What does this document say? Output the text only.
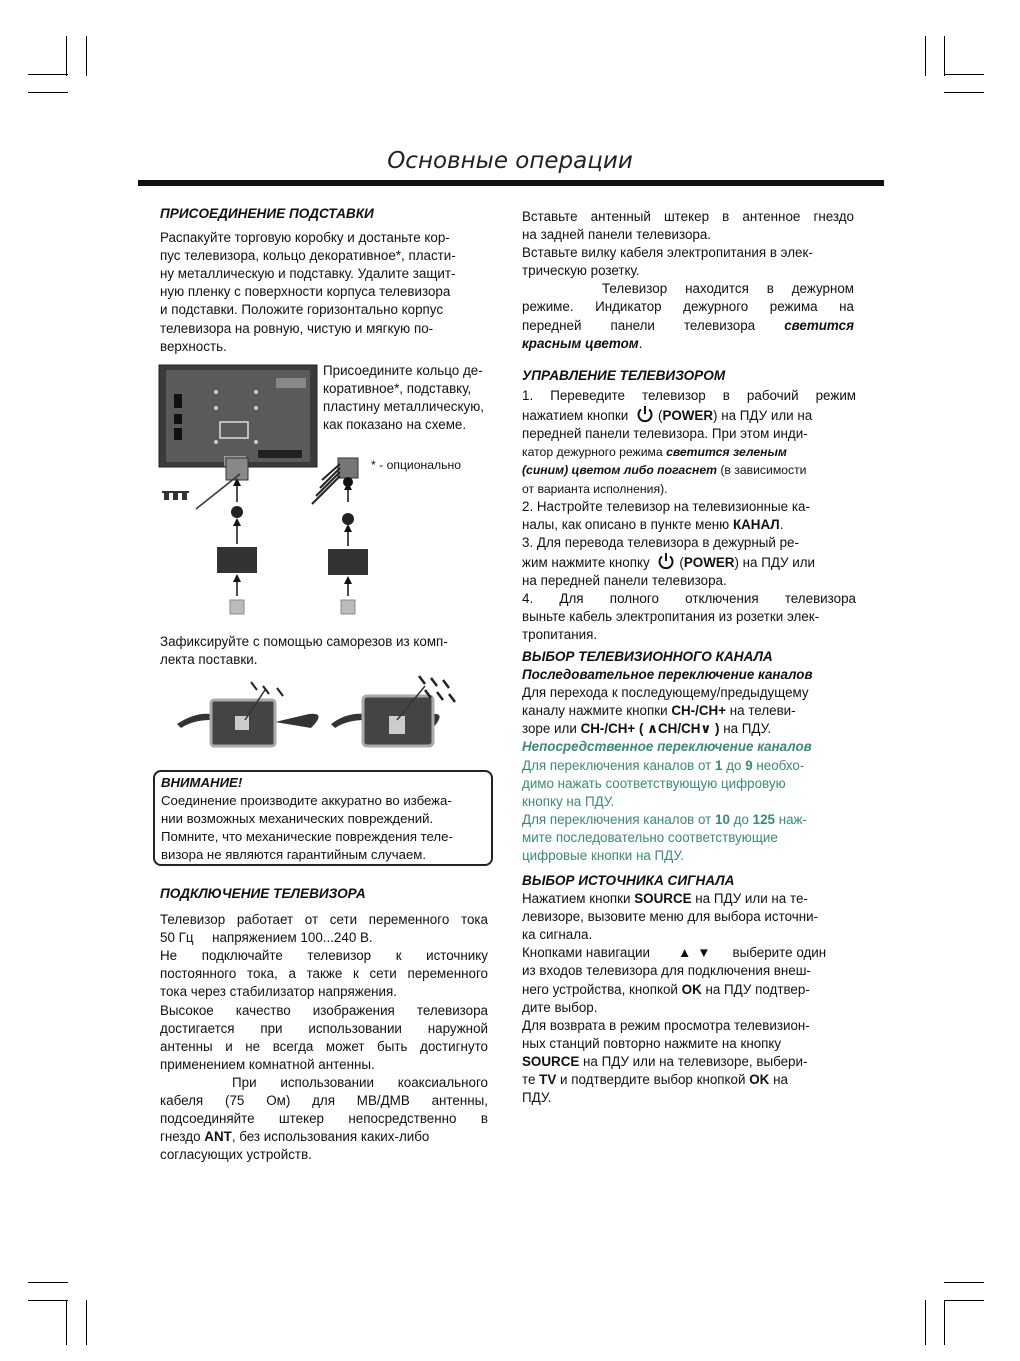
Основные операции

ПРИСОЕДИНЕНИЕ ПОДСТАВКИ

Распакуйте торговую коробку и достаньте кор-

пус телевизора, кольцо декоративное*, пласти-

ну металлическую и подставку. Удалите защит-

ную пленку с поверхности корпуса телевизора

и подставки. Положите горизонтально корпус

телевизора на ровную, чистую и мягкую по-

верхность.

Присоедините кольцо де-

коративное*, подставку,

пластину металлическую,

как показано на схеме.

* - опционально

Зафиксируйте с помощью саморезов из комп-

лекта поставки.

ВНИМАНИЕ!

Соединение производите аккуратно во избежа-

нии возможных механических повреждений.

Помните, что механические повреждения теле-

визора не являются гарантийным случаем.

ПОДКЛЮЧЕНИЕ ТЕЛЕВИЗОРА

Телевизор работает от сети переменного тока

50 Гц     напряжением 100...240 В.

Не подключайте телевизор к источнику

постоянного тока, а также к сети переменного

тока через стабилизатор напряжения.

Высокое качество изображения телевизора

достигается при использовании наружной

антенны и не всегда может быть достигнуто

применением комнатной антенны.

При использовании коаксиального

кабеля (75 Ом) для МВ/ДМВ антенны,

подсоединяйте штекер непосредственно в

гнездо ANT, без использования каких-либо

согласующих устройств.

Вставьте антенный штекер в антенное гнездо

на задней панели телевизора.

Вставьте вилку кабеля электропитания в элек-

трическую розетку.

Телевизор находится в дежурном

режиме. Индикатор дежурного режима на

передней панели телевизора светится

красным цветом.

УПРАВЛЕНИЕ ТЕЛЕВИЗОРОМ

1. Переведите телевизор в рабочий режим

нажатием кнопки (POWER) на ПДУ или на

передней панели телевизора. При этом инди-

катор дежурного режима светится зеленым

(синим) цветом либо погаснет (в зависимости

от варианта исполнения).

2. Настройте телевизор на телевизионные ка-

налы, как описано в пункте меню КАНАЛ.

3. Для перевода телевизора в дежурный ре-

жим нажмите кнопку (POWER) на ПДУ или

на передней панели телевизора.

4. Для полного отключения телевизора

выньте кабель электропитания из розетки элек-

тропитания.

ВЫБОР ТЕЛЕВИЗИОННОГО КАНАЛА

Последовательное переключение каналов

Для перехода к последующему/предыдущему

каналу нажмите кнопки CH-/CH+ на телеви-

зоре или CH-/CH+ ( ∧CH/CH∨ ) на ПДУ.

Непосредственное переключение каналов

Для переключения каналов от 1 до 9 необхо-

димо нажать соответствующую цифровую

кнопку на ПДУ.

Для переключения каналов от 10 до 125 наж-

мите последовательно соответствующие

цифровые кнопки на ПДУ.

ВЫБОР ИСТОЧНИКА СИГНАЛА

Нажатием кнопки SOURCE на ПДУ или на те-

левизоре, вызовите меню для выбора источни-

ка сигнала.

Кнопками навигации ▲▼ выберите один

из входов телевизора для подключения внеш-

него устройства, кнопкой OK на ПДУ подтвер-

дите выбор.

Для возврата в режим просмотра телевизион-

ных станций повторно нажмите на кнопку

SOURCE на ПДУ или на телевизоре, выбери-

те TV и подтвердите выбор кнопкой OK на

ПДУ.
